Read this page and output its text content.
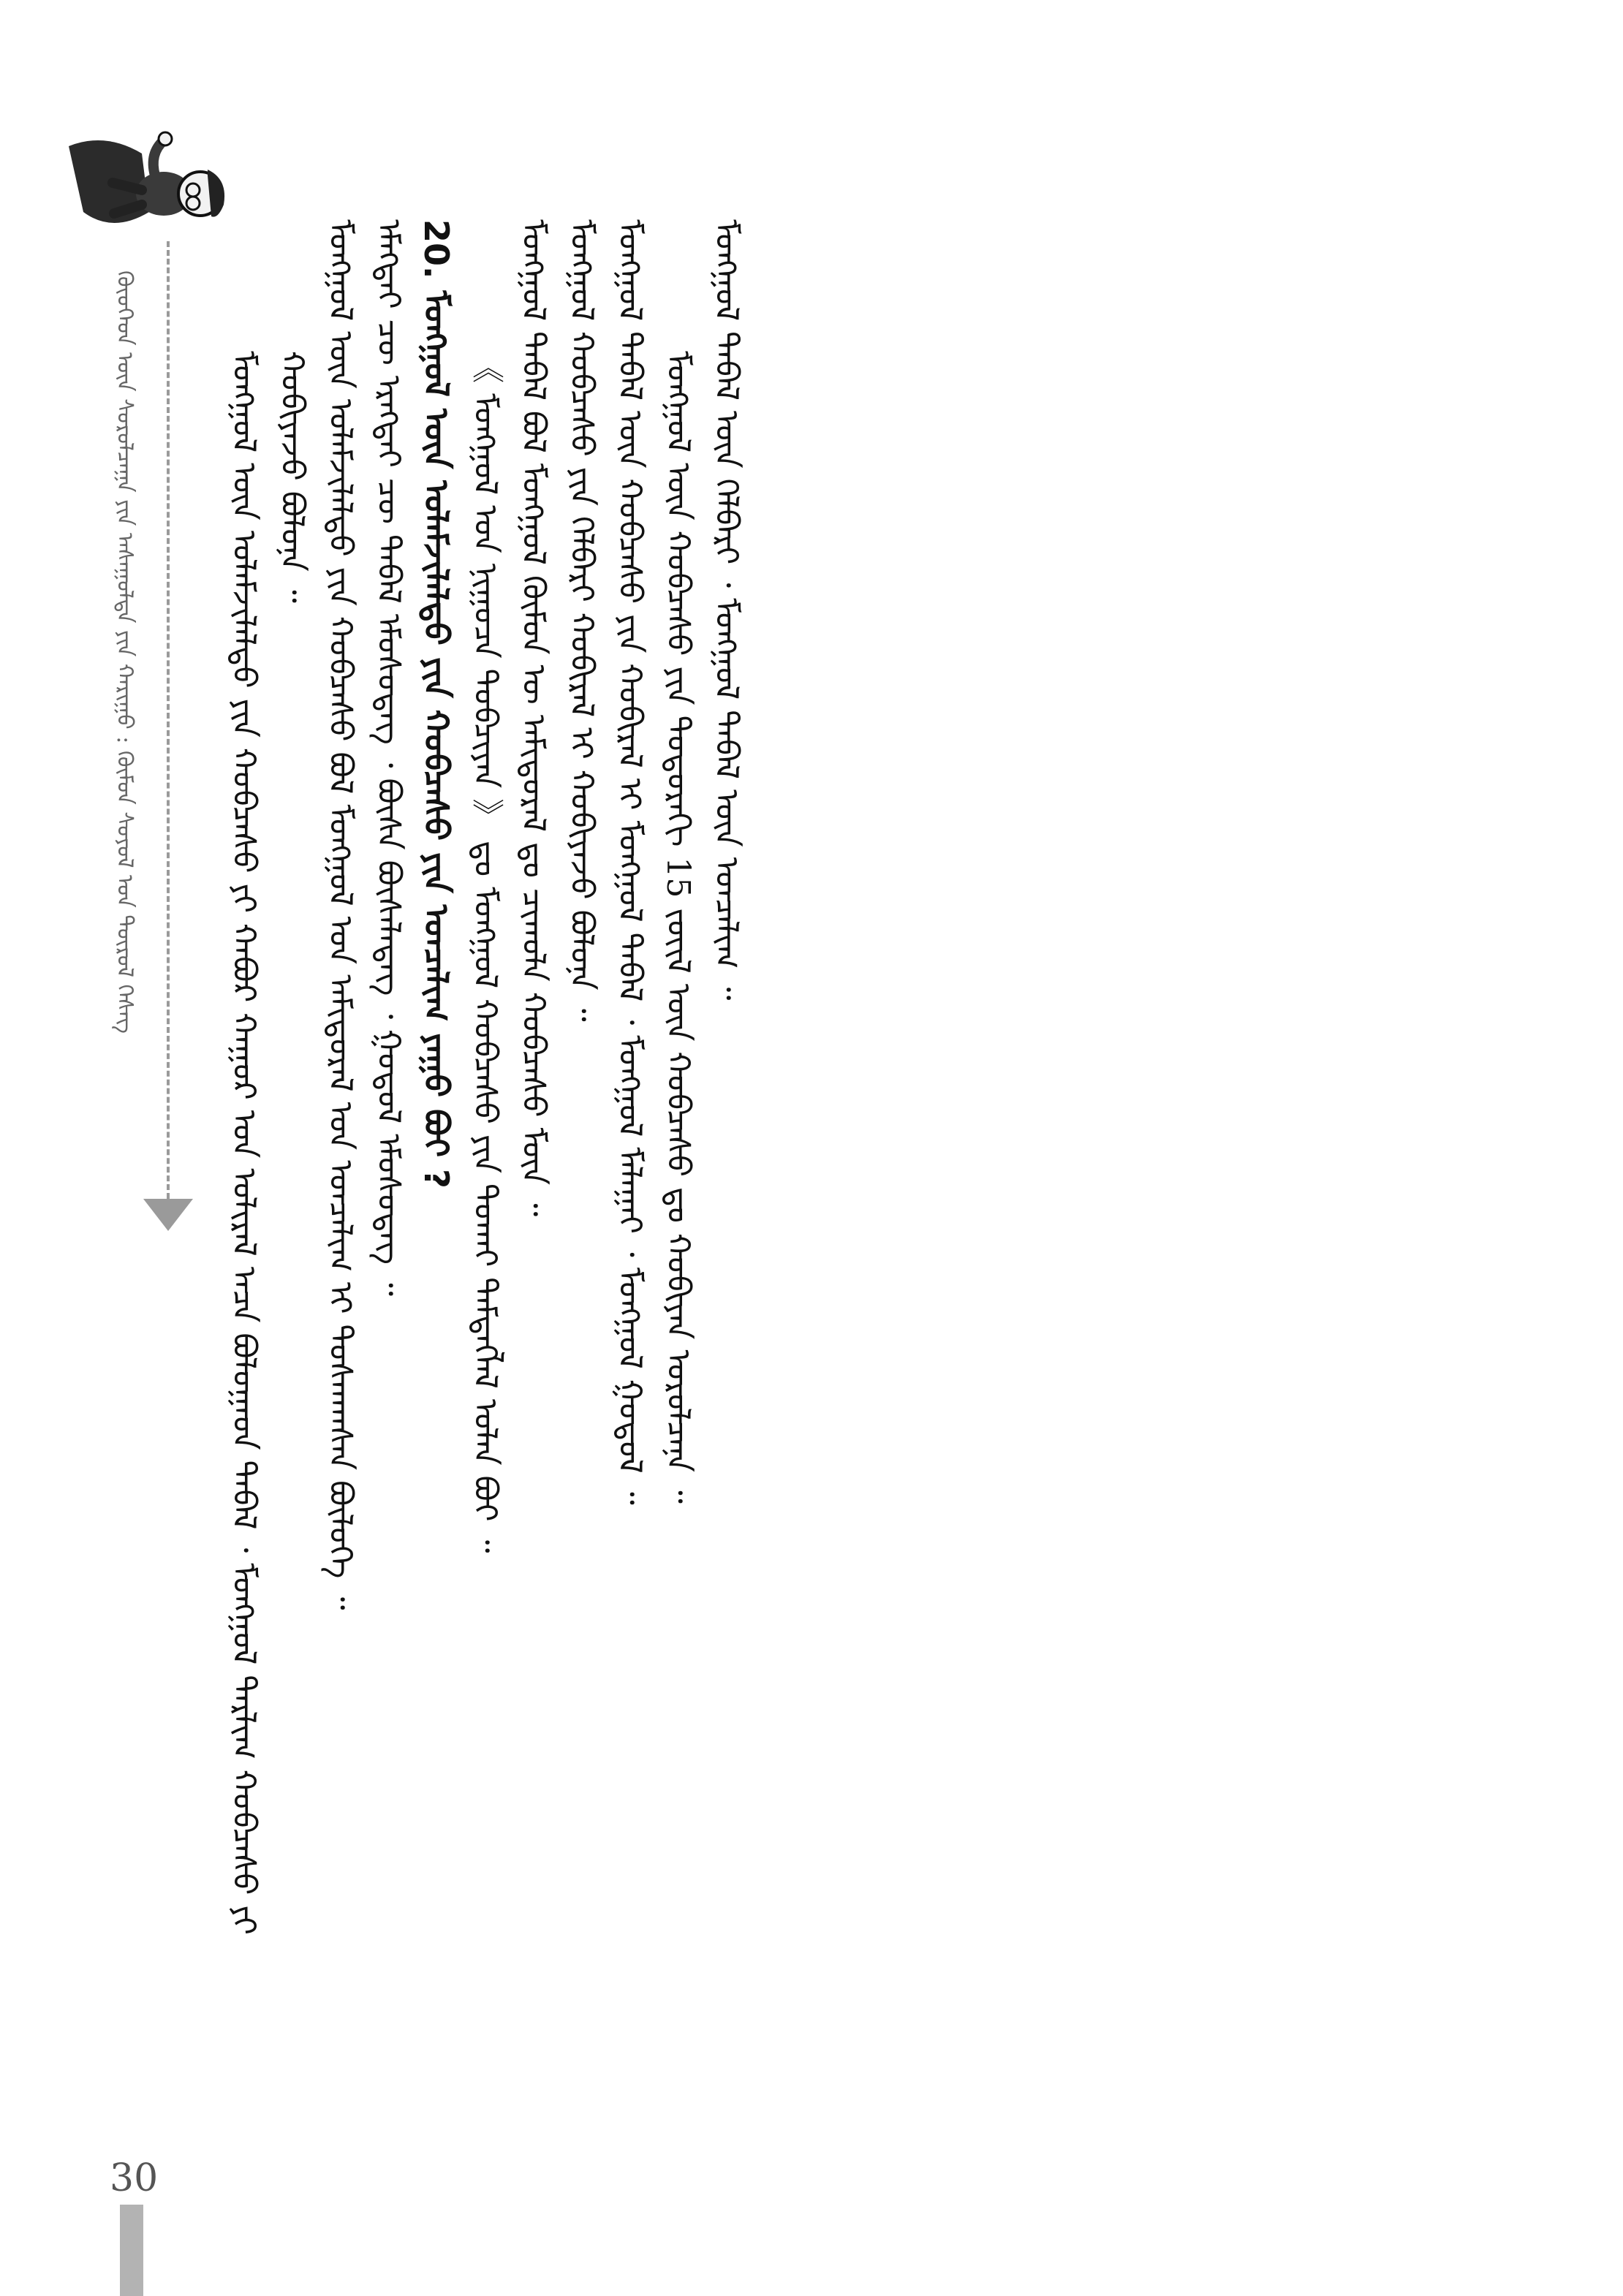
ᠬᠦᠦᠬᠡᠳ ᠦᠨ ᠰᠤᠷᠤᠯᠴᠠᠭᠠ ᠶᠢᠨ ᠠᠰᠠᠭᠤᠯᠲᠠ ᠶᠢᠨ ᠬᠠᠷᠢᠭᠤ : ᠬᠦᠮᠦᠨ ᠰᠤᠶᠤᠯ ᠤᠨ ᠲᠦᠷᠦᠯ ᠬᠡᠰᠡᠭ	ᠮᠣᠩᠭᠣᠯ ᠦᠨ ᠤᠯᠠᠮᠵᠢᠯᠠᠯᠲᠤ ᠶᠢᠨ ᠬᠤᠪᠴᠠᠰᠤ ᠶᠢ ᠬᠠᠪᠤᠷ ᠬᠠᠭᠤᠷ ᠤᠨ ᠤᠯᠢᠷᠠᠯ ᠠᠴᠠ ᠪᠤᠯᠤᠭᠠᠳ ᠳᠡᠪᠡᠯ ᠂ ᠮᠣᠩᠭᠣᠯ ᠲᠠᠷᠯᠢᠭ ᠬᠤᠪᠴᠠᠰᠤ ᠶᠢ ᠬᠤᠪᠢᠶᠠᠵᠤ ᠪᠣᠯᠤᠨᠠ ᠃ ᠮᠣᠩᠭᠣᠯ ᠦᠨ ᠤᠯᠠᠮᠵᠢᠯᠠᠯᠲᠤ ᠶᠢᠨ ᠬᠤᠪᠴᠠᠰᠤ ᠪᠣᠯ ᠮᠣᠩᠭᠣᠯ ᠤᠨ ᠠᠮᠢᠳᠤᠷᠠᠯ ᠤᠨ ᠣᠨᠴᠠᠯᠢᠭ ᠢ ᠲᠤᠰᠬᠠᠭᠰᠠᠨ ᠪᠦᠯᠦᠭᠡ ᠃ ᠡᠮᠡᠭᠲᠡᠢ ᠴᠦ ᠡᠷᠡᠭᠲᠡᠢ ᠴᠦ ᠳᠡᠪᠡᠯ ᠡᠮᠦᠰᠦᠳᠡᠭ ᠂ ᠪᠦᠰᠡ ᠪᠦᠰᠡᠯᠡᠳᠡᠭ ᠂ ᠭᠤᠲᠤᠯ ᠡᠮᠦᠰᠦᠳᠡᠭ ᠃ 20. ᠮᠣᠩᠭᠣᠯ ᠦᠨ ᠤᠯᠠᠮᠵᠢᠯᠠᠯᠲᠤ ᠶᠢᠨ ᠬᠤᠪᠴᠠᠰᠤ ᠶᠢᠨ ᠣᠨᠴᠠᠯᠢᠭ ᠶᠠᠭᠤ ᠪᠤᠢ ? 《 ᠮᠣᠩᠭᠣᠯ ᠤᠨ ᠨᠢᠭᠤᠴᠠ ᠲᠣᠪᠴᠢᠶᠠᠨ 》 ᠳᠤ ᠮᠣᠩᠭᠣᠯ ᠬᠤᠪᠴᠠᠰᠤ ᠶᠢᠨ ᠲᠤᠬᠠᠢ ᠲᠡᠮᠳᠡᠭᠯᠡᠯ ᠣᠯᠠᠨ ᠪᠤᠢ ᠃ ᠮᠣᠩᠭᠣᠯ ᠳᠡᠪᠡᠯ ᠪᠣᠯ ᠮᠣᠩᠭᠣᠯ ᠬᠦᠮᠦᠨ ᠦ ᠠᠮᠢᠳᠤᠷᠠᠯ ᠳᠤ ᠴᠢᠬᠤᠯᠠ ᠬᠤᠪᠴᠠᠰᠤ ᠮᠥᠨ ᠃ ᠮᠣᠩᠭᠣᠯ ᠬᠤᠪᠴᠠᠰᠤ ᠶᠢᠨ ᠬᠡᠯᠪᠡᠷᠢ ᠬᠤᠪᠢᠷᠠᠯ ᠢ ᠬᠤᠪᠢᠶᠠᠵᠤ ᠪᠣᠯᠤᠨᠠ ᠃ ᠮᠣᠩᠭᠣᠯ ᠳᠡᠪᠡᠯ ᠦᠨ ᠬᠤᠪᠴᠠᠰᠤ ᠶᠢᠨ ᠬᠤᠪᠢᠷᠠᠯ ᠢ ᠮᠣᠩᠭᠣᠯ ᠳᠡᠪᠡᠯ ᠂ ᠮᠣᠩᠭᠣᠯ ᠮᠠᠯᠠᠭᠠᠢ ᠂ ᠮᠣᠩᠭᠣᠯ ᠭᠤᠲᠤᠯ ᠃ ᠮᠣᠩᠭᠣᠯ ᠦᠨ ᠬᠤᠪᠴᠠᠰᠤ ᠶᠢᠨ ᠳᠣᠲᠣᠷᠠᠬᠢ 15 ᠵᠦᠢᠯ ᠦᠨ ᠬᠤᠪᠴᠠᠰᠤ ᠳᠤ ᠬᠤᠪᠢᠶᠠᠨ ᠣᠷᠤᠯᠴᠠᠨᠠ ᠃ ᠮᠣᠩᠭᠣᠯ ᠳᠡᠪᠡᠯ ᠦᠨ ᠬᠡᠯᠪᠡᠷᠢ ᠂ ᠮᠣᠩᠭᠣᠯ ᠳᠡᠪᠡᠯ ᠦᠨ ᠣᠨᠴᠠᠯᠢᠭ ᠃

30
